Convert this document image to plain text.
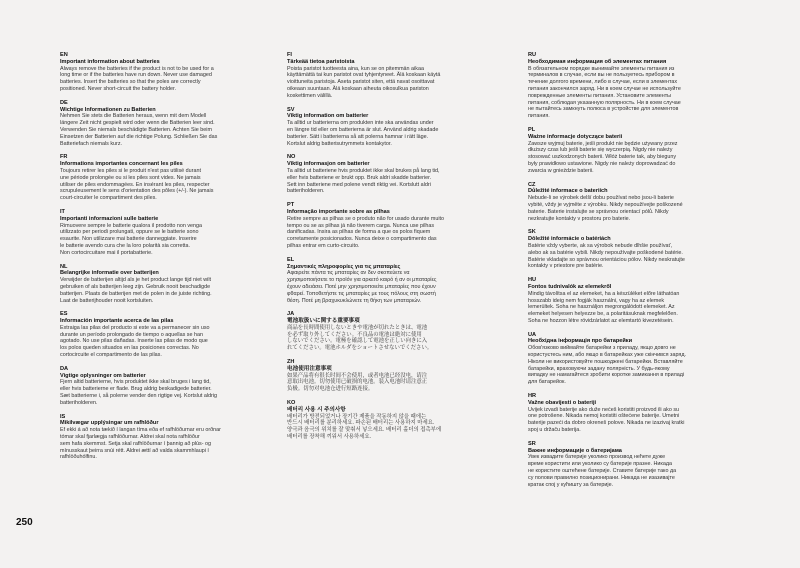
EN

Important information about batteries

Always remove the batteries if the product is not to be used for a
long time or if the batteries have run down. Never use damaged
batteries. Insert the batteries so that the poles are correctly
positioned. Never short-circuit the battery holder.

DE

Wichtige Informationen zu Batterien

Nehmen Sie stets die Batterien heraus, wenn mit dem Modell
längere Zeit nicht gespielt wird oder wenn die Batterien leer sind.
Verwenden Sie niemals beschädigte Batterien. Achten Sie beim
Einsetzen der Batterien auf die richtige Polung. Schließen Sie das
Batteriefach niemals kurz.

FR

Informations importantes concernant les piles

Toujours retirer les piles si le produit n'est pas utilisé durant
une période prolongée ou si les piles sont vides. Ne jamais
utiliser de piles endommagées. En insérant les piles, respecter
scrupuleusement le sens d'orientation des pôles (+/-). Ne jamais
court-circuiter le compartiment des piles.

IT

Importanti informazioni sulle batterie

Rimuovere sempre le batterie qualora il prodotto non venga
utilizzato per periodi prolungati, oppure se le batterie sono
esaurite. Non utilizzare mai batterie danneggiate. Inserire
le batterie avendo cura che la loro polarità sia corretta.
Non cortocircuitare mai il portabatterie.

NL

Belangrijke informatie over batterijen

Verwijder de batterijen altijd als je het product lange tijd niet wilt
gebruiken of als batterijen leeg zijn. Gebruik nooit beschadigde
batterijen. Plaats de batterijen met de polen in de juiste richting.
Laat de batterijhouder nooit kortsluiten.

ES

Información importante acerca de las pilas

Extraiga las pilas del producto si este va a permanecer sin uso
durante un período prolongado de tiempo o aquellas se han
agotado. No use pilas dañadas. Inserte las pilas de modo que
los polos queden situados en las posiciones correctas. No
cortocircuite el compartimento de las pilas.

DA

Vigtige oplysninger om batterier

Fjern altid batterierne, hvis produktet ikke skal bruges i lang tid,
eller hvis batterierne er flade. Brug aldrig beskadigede batterier.
Sæt batterierne i, så polerne vender den rigtige vej. Kortslut aldrig
batteriholderen.

IS

Mikilvægar upplýsingar um rafhlöður

Ef ekki á að nota tækið í langan tíma eða ef rafhlöðurnar eru orðnar
tómar skal fjarlægja rafhlöðurnar. Aldrei skal nota rafhlöður
sem hafa skemmst. Setja skal rafhlöðurnar í þannig að plús- og
mínusskaut þeirra snúi rétt. Aldrei ættí að valda skammhlaupi í
rafhlöðuhólfinu.

FI

Tärkeää tietoa paristoista

Poista paristot tuotteesta aina, kun se on pitemmän aikaa
käyttämättä tai kun paristot ovat tyhjentyneet. Älä koskaan käytä
vioittuneita paristoja. Aseta paristot siten, että navat osoittavat
oikeaan suuntaan. Älä koskaan aiheuta oikosulkua pariston
koskettimen välillä.

SV

Viktig information om batterier

Ta alltid ur batterierna om produkten inte ska användas under
en längre tid eller om batterierna är slut. Använd aldrig skadade
batterier. Sätt i batterierna så att polerna hamnar i rätt läge.
Kortslut aldrig batterisutrymmets kontakytor.

NO

Viktig informasjon om batterier

Ta alltid ut batteriene hvis produktet ikke skal brukes på lang tid,
eller hvis batteriene er brukt opp. Bruk aldri skadde batterier.
Sett inn batteriene med polene vendt riktig vei. Kortslutt aldri
batteriholderen.

PT

Informação importante sobre as pilhas

Retire sempre as pilhas se o produto não for usado durante muito
tempo ou se as pilhas já não tiverem carga. Nunca use pilhas
danificadas. Insira as pilhas de forma a que os polos fiquem
corretamente posicionados. Nunca deixe o compartimento das
pilhas entrar em curto-circuito.

EL

Σημαντικές πληροφορίες για τις μπαταρίες

Αφαιρείτε πάντα τις μπαταρίες αν δεν σκοπεύετε να
χρησιμοποιήσετε το προϊόν για αρκετό καιρό ή αν οι μπαταρίες
έχουν αδειάσει. Ποτέ μην χρησιμοποιείτε μπαταρίες που έχουν
φθαρεί. Τοποθετήστε τις μπαταρίες με τους πόλους στη σωστή
θέση. Ποτέ μη βραχυκυκλώνετε τη θήκη των μπαταριών.

JA

電池取扱いに関する重要事項

商品を長時間使用しないときや電池が切れたときは、電池
を必ず取り外してください。不良品の電池は絶対に使用
しないでください。電極を確認して電池を正しい向きに入
れてください。電池ホルダをショートさせないでください。

ZH

电池使用注意事项

如果产品将有很长时间不会使用，或者电池已经没电，请注
意取出电池。切勿使用已破损的电池。装入电池时请注意正
负极。切勿对电池仓进行短路连接。

KO

배터리 사용 시 주의사항

배터리가 방전되었거나 장기간 제품을 작동하지 않을 때에는
반드시 배터리를 분리하세요. 파손된 배터리는 사용하지 마세요.
양극과 음극의 위치를 잘 맞춰서 넣으세요. 배터리 홀더의 접촉부에
배터리를 장착해 끼워서 사용하세요.

RU

Необходимая информация об элементах питания

В обязательном порядке вынимайте элементы питания из
терминалов в случае, если вы не пользуетесь прибором в
течение долгого времени, либо в случае, если в элементах
питания закончился заряд. Ни в коем случае не используйте
поврежденные элементы питания. Установите элементы
питания, соблюдая указанную полярность. Ни в коем случае
не пытайтесь замкнуть полюса в устройстве для элементов
питания.

PL

Ważne informacje dotyczące baterii

Zawsze wyjmuj baterie, jeśli produkt nie będzie używany przez
dłuższy czas lub jeśli baterie się wyczerpią. Nigdy nie należy
stosować uszkodzonych baterii. Włóż baterie tak, aby bieguny
były prawidłowo ustawione. Nigdy nie należy doprowadzać do
zwarcia w gnieździe baterii.

CZ

Důležité informace o bateriích

Nebude-li se výrobek delší dobu používat nebo jsou-li baterie
vybité, vždy je vyjměte z výrobku. Nikdy nepoužívejte poškozené
baterie. Baterie instalujte se správnou orientací pólů. Nikdy
nezkratujte kontakty v prostoru pro baterie.

SK

Dôležité informácie o batériách

Batérie vždy vyberte, ak sa výrobok nebude dlhšie používať,
alebo ak sa batérie vybili. Nikdy nepoužívajte poškodené batérie.
Batérie vkladajte so správnou orientáciou pólov. Nikdy neskratujte
kontakty v priestore pre batérie.

HU

Fontos tudnivalók az elemekről

Mindig távolítsa el az elemeket, ha a készüléket előre láthatóan
hosszabb ideig nem fogják használni, vagy ha az elemek
lemerültek. Soha ne használjon megrongálódott elemeket. Az
elemeket helyesen helyezze be, a polaritásuknak megfelelően.
Soha ne hozzon létre rövidzárlatot az elemtartó kivezetésein.

UA

Необхідна інформація про батарейки

Обов'язково виймайте батарейки з приладу, якщо довго не
користуєтесь ним, або якщо в батарейках уже скінчився заряд.
Ніколи не використовуйте пошкоджені батарейки. Вставляйте
батарейки, враховуючи задану полярність. У будь-якому
випадку не намагайтеся зробити коротке замикання в приладі
для батарейок.

HR

Važne obavijesti o bateriji

Uvijek izvadi baterije ako duže nećeš koristiti proizvod ili ako su
one potrošene. Nikada nemoj koristiti oštećene baterije. Umetni
baterije pazeći da dobro okreneš polove. Nikada ne izazivaj kratki
spoj u držaču baterija.

SR

Важне информације о батеријама

Увек извадите батерије уколико производ нећете дуже
време користити или уколико су батерије празне. Никада
не користите оштећене батерије. Ставите батерије тако да
су полови правилно позиционирани. Никада не изазивајте
кратак спој у кућишту за батерије.

250
